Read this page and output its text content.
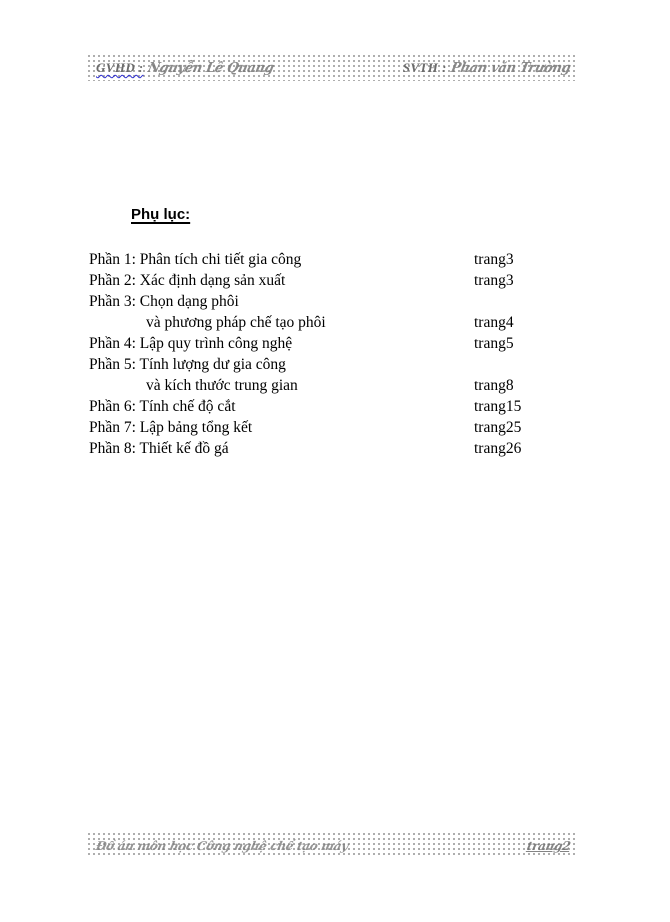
GVHD : Nguyễn Lê Quang	SVTH : Phan văn Trường
Phụ lục:
Phần 1: Phân tích chi tiết gia công	trang3
Phần 2: Xác định dạng sản xuất	trang3
Phần 3: Chọn dạng phôi
và phương pháp chế tạo phôi	trang4
Phần 4: Lập quy trình công nghệ	trang5
Phần 5: Tính lượng dư gia công
và kích thước trung gian	trang8
Phần 6: Tính chế độ cắt	trang15
Phần 7: Lập bảng tổng kết	trang25
Phần 8: Thiết kế đồ gá	trang26
Đồ án môn học Công nghệ chế tạo máy	trang2
